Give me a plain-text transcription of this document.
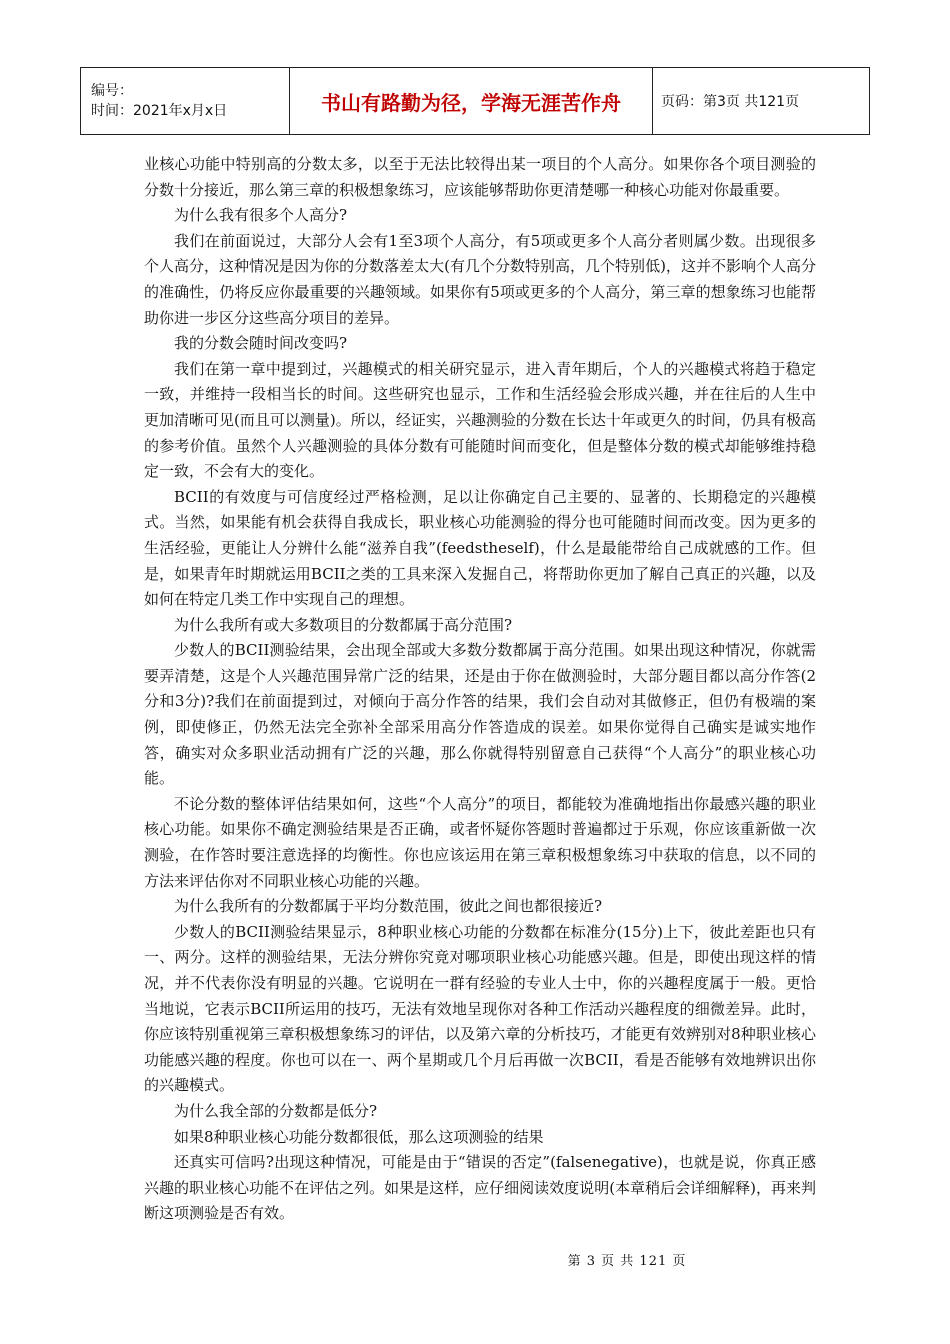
编号：
时间：2021年x月x日	书山有路勤为径，学海无涯苦作舟	页码：第3页 共121页

业核心功能中特别高的分数太多，以至于无法比较得出某一项目的个人高分。如果你各个项目测验的分数十分接近，那么第三章的积极想象练习，应该能够帮助你更清楚哪一种核心功能对你最重要。

为什么我有很多个人高分?

我们在前面说过，大部分人会有1至3项个人高分，有5项或更多个人高分者则属少数。出现很多个人高分，这种情况是因为你的分数落差太大(有几个分数特别高，几个特别低)，这并不影响个人高分的准确性，仍将反应你最重要的兴趣领域。如果你有5项或更多的个人高分，第三章的想象练习也能帮助你进一步区分这些高分项目的差异。

我的分数会随时间改变吗?

我们在第一章中提到过，兴趣模式的相关研究显示，进入青年期后，个人的兴趣模式将趋于稳定一致，并维持一段相当长的时间。这些研究也显示，工作和生活经验会形成兴趣，并在往后的人生中更加清晰可见(而且可以测量)。所以，经证实，兴趣测验的分数在长达十年或更久的时间，仍具有极高的参考价值。虽然个人兴趣测验的具体分数有可能随时间而变化，但是整体分数的模式却能够维持稳定一致，不会有大的变化。

BCII的有效度与可信度经过严格检测，足以让你确定自己主要的、显著的、长期稳定的兴趣模式。当然，如果能有机会获得自我成长，职业核心功能测验的得分也可能随时间而改变。因为更多的生活经验，更能让人分辨什么能“滋养自我”(feedstheself)，什么是最能带给自己成就感的工作。但是，如果青年时期就运用BCII之类的工具来深入发掘自己，将帮助你更加了解自己真正的兴趣，以及如何在特定几类工作中实现自己的理想。

为什么我所有或大多数项目的分数都属于高分范围?

少数人的BCII测验结果，会出现全部或大多数分数都属于高分范围。如果出现这种情况，你就需要弄清楚，这是个人兴趣范围异常广泛的结果，还是由于你在做测验时，大部分题目都以高分作答(2分和3分)?我们在前面提到过，对倾向于高分作答的结果，我们会自动对其做修正，但仍有极端的案例，即使修正，仍然无法完全弥补全部采用高分作答造成的误差。如果你觉得自己确实是诚实地作答，确实对众多职业活动拥有广泛的兴趣，那么你就得特别留意自己获得“个人高分”的职业核心功能。

不论分数的整体评估结果如何，这些“个人高分”的项目，都能较为准确地指出你最感兴趣的职业核心功能。如果你不确定测验结果是否正确，或者怀疑你答题时普遍都过于乐观，你应该重新做一次测验，在作答时要注意选择的均衡性。你也应该运用在第三章积极想象练习中获取的信息，以不同的方法来评估你对不同职业核心功能的兴趣。

为什么我所有的分数都属于平均分数范围，彼此之间也都很接近?

少数人的BCII测验结果显示，8种职业核心功能的分数都在标准分(15分)上下，彼此差距也只有一、两分。这样的测验结果，无法分辨你究竟对哪项职业核心功能感兴趣。但是，即使出现这样的情况，并不代表你没有明显的兴趣。它说明在一群有经验的专业人士中，你的兴趣程度属于一般。更恰当地说，它表示BCII所运用的技巧，无法有效地呈现你对各种工作活动兴趣程度的细微差异。此时，你应该特别重视第三章积极想象练习的评估，以及第六章的分析技巧，才能更有效辨别对8种职业核心功能感兴趣的程度。你也可以在一、两个星期或几个月后再做一次BCII，看是否能够有效地辨识出你的兴趣模式。

为什么我全部的分数都是低分?

如果8种职业核心功能分数都很低，那么这项测验的结果

还真实可信吗?出现这种情况，可能是由于“错误的否定”(falsenegative)，也就是说，你真正感兴趣的职业核心功能不在评估之列。如果是这样，应仔细阅读效度说明(本章稍后会详细解释)，再来判断这项测验是否有效。

第 3 页 共 121 页
